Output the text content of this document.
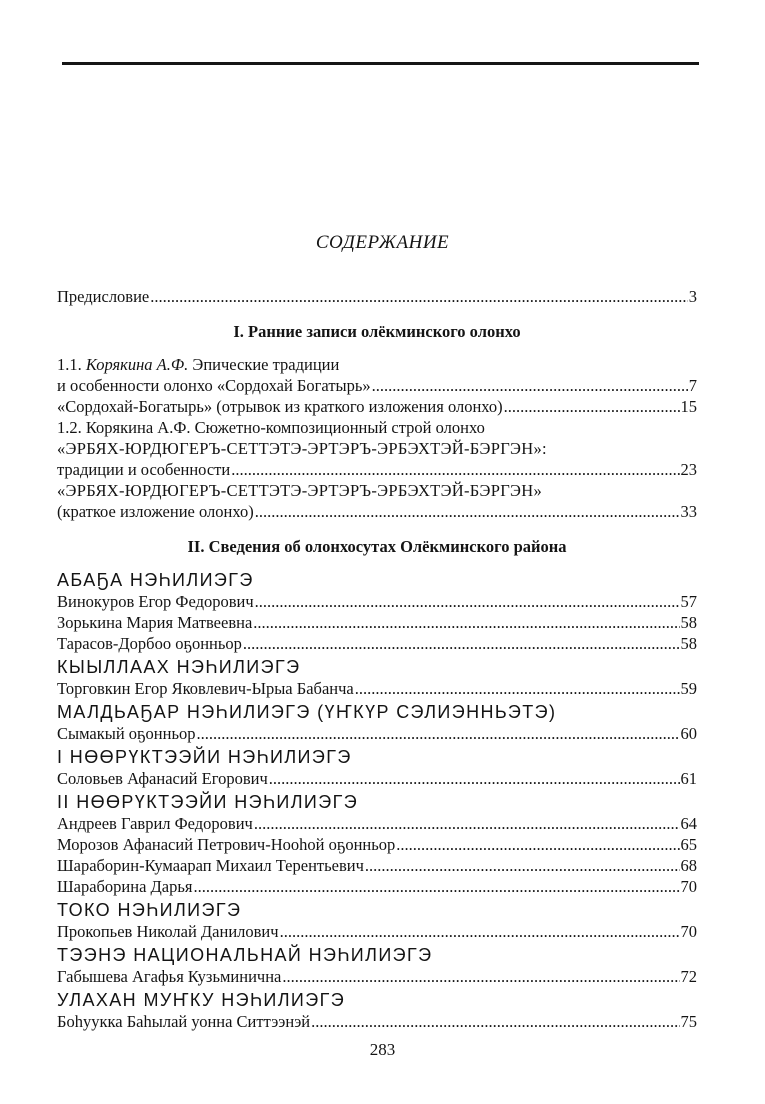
СОДЕРЖАНИЕ
Предисловие .....	3
I. Ранние записи олёкминского олонхо
1.1. Корякина А.Ф. Эпические традиции
и особенности олонхо «Сордохай Богатырь» .....	7
«Сордохай-Богатырь» (отрывок из краткого изложения олонхо) .....	15
1.2. Корякина А.Ф. Сюжетно-композиционный строй олонхо
«ЭРБЯХ-ЮРДЮГЕРЪ-СЕТТЭТЭ-ЭРТЭРЪ-ЭРБЭХТЭЙ-БЭРГЭН»:
традиции и особенности .....	23
«ЭРБЯХ-ЮРДЮГЕРЪ-СЕТТЭТЭ-ЭРТЭРЪ-ЭРБЭХТЭЙ-БЭРГЭН»
(краткое изложение олонхо) .....	33
II. Сведения об олонхосутах Олёкминского района
АБАҔА НЭҺИЛИЭГЭ
Винокуров Егор Федорович .....	57
Зорькина Мария Матвеевна .....	58
Тарасов-Дорбоо оҕонньор .....	58
КЫЫЛЛААХ НЭҺИЛИЭГЭ
Торговкин Егор Яковлевич-Ырыа Бабанча .....	59
МАЛДЬАҔАР НЭҺИЛИЭГЭ (ҮҤКҮР СЭЛИЭННЬЭТЭ)
Сымакый оҕонньор .....	60
I НӨӨРҮКТЭЭЙИ НЭҺИЛИЭГЭ
Соловьев Афанасий Егорович .....	61
II НӨӨРҮКТЭЭЙИ НЭҺИЛИЭГЭ
Андреев Гаврил Федорович .....	64
Морозов Афанасий Петрович-Нооһой оҕонньор .....	65
Шараборин-Кумаарап Михаил Терентьевич .....	68
Шараборина Дарья .....	70
ТОКО НЭҺИЛИЭГЭ
Прокопьев Николай Данилович .....	70
ТЭЭНЭ НАЦИОНАЛЬНАЙ НЭҺИЛИЭГЭ
Габышева Агафья Кузьминична .....	72
УЛАХАН МУҤКУ НЭҺИЛИЭГЭ
Боһуукка Баһылай уонна Ситтээнэй .....	75
283
